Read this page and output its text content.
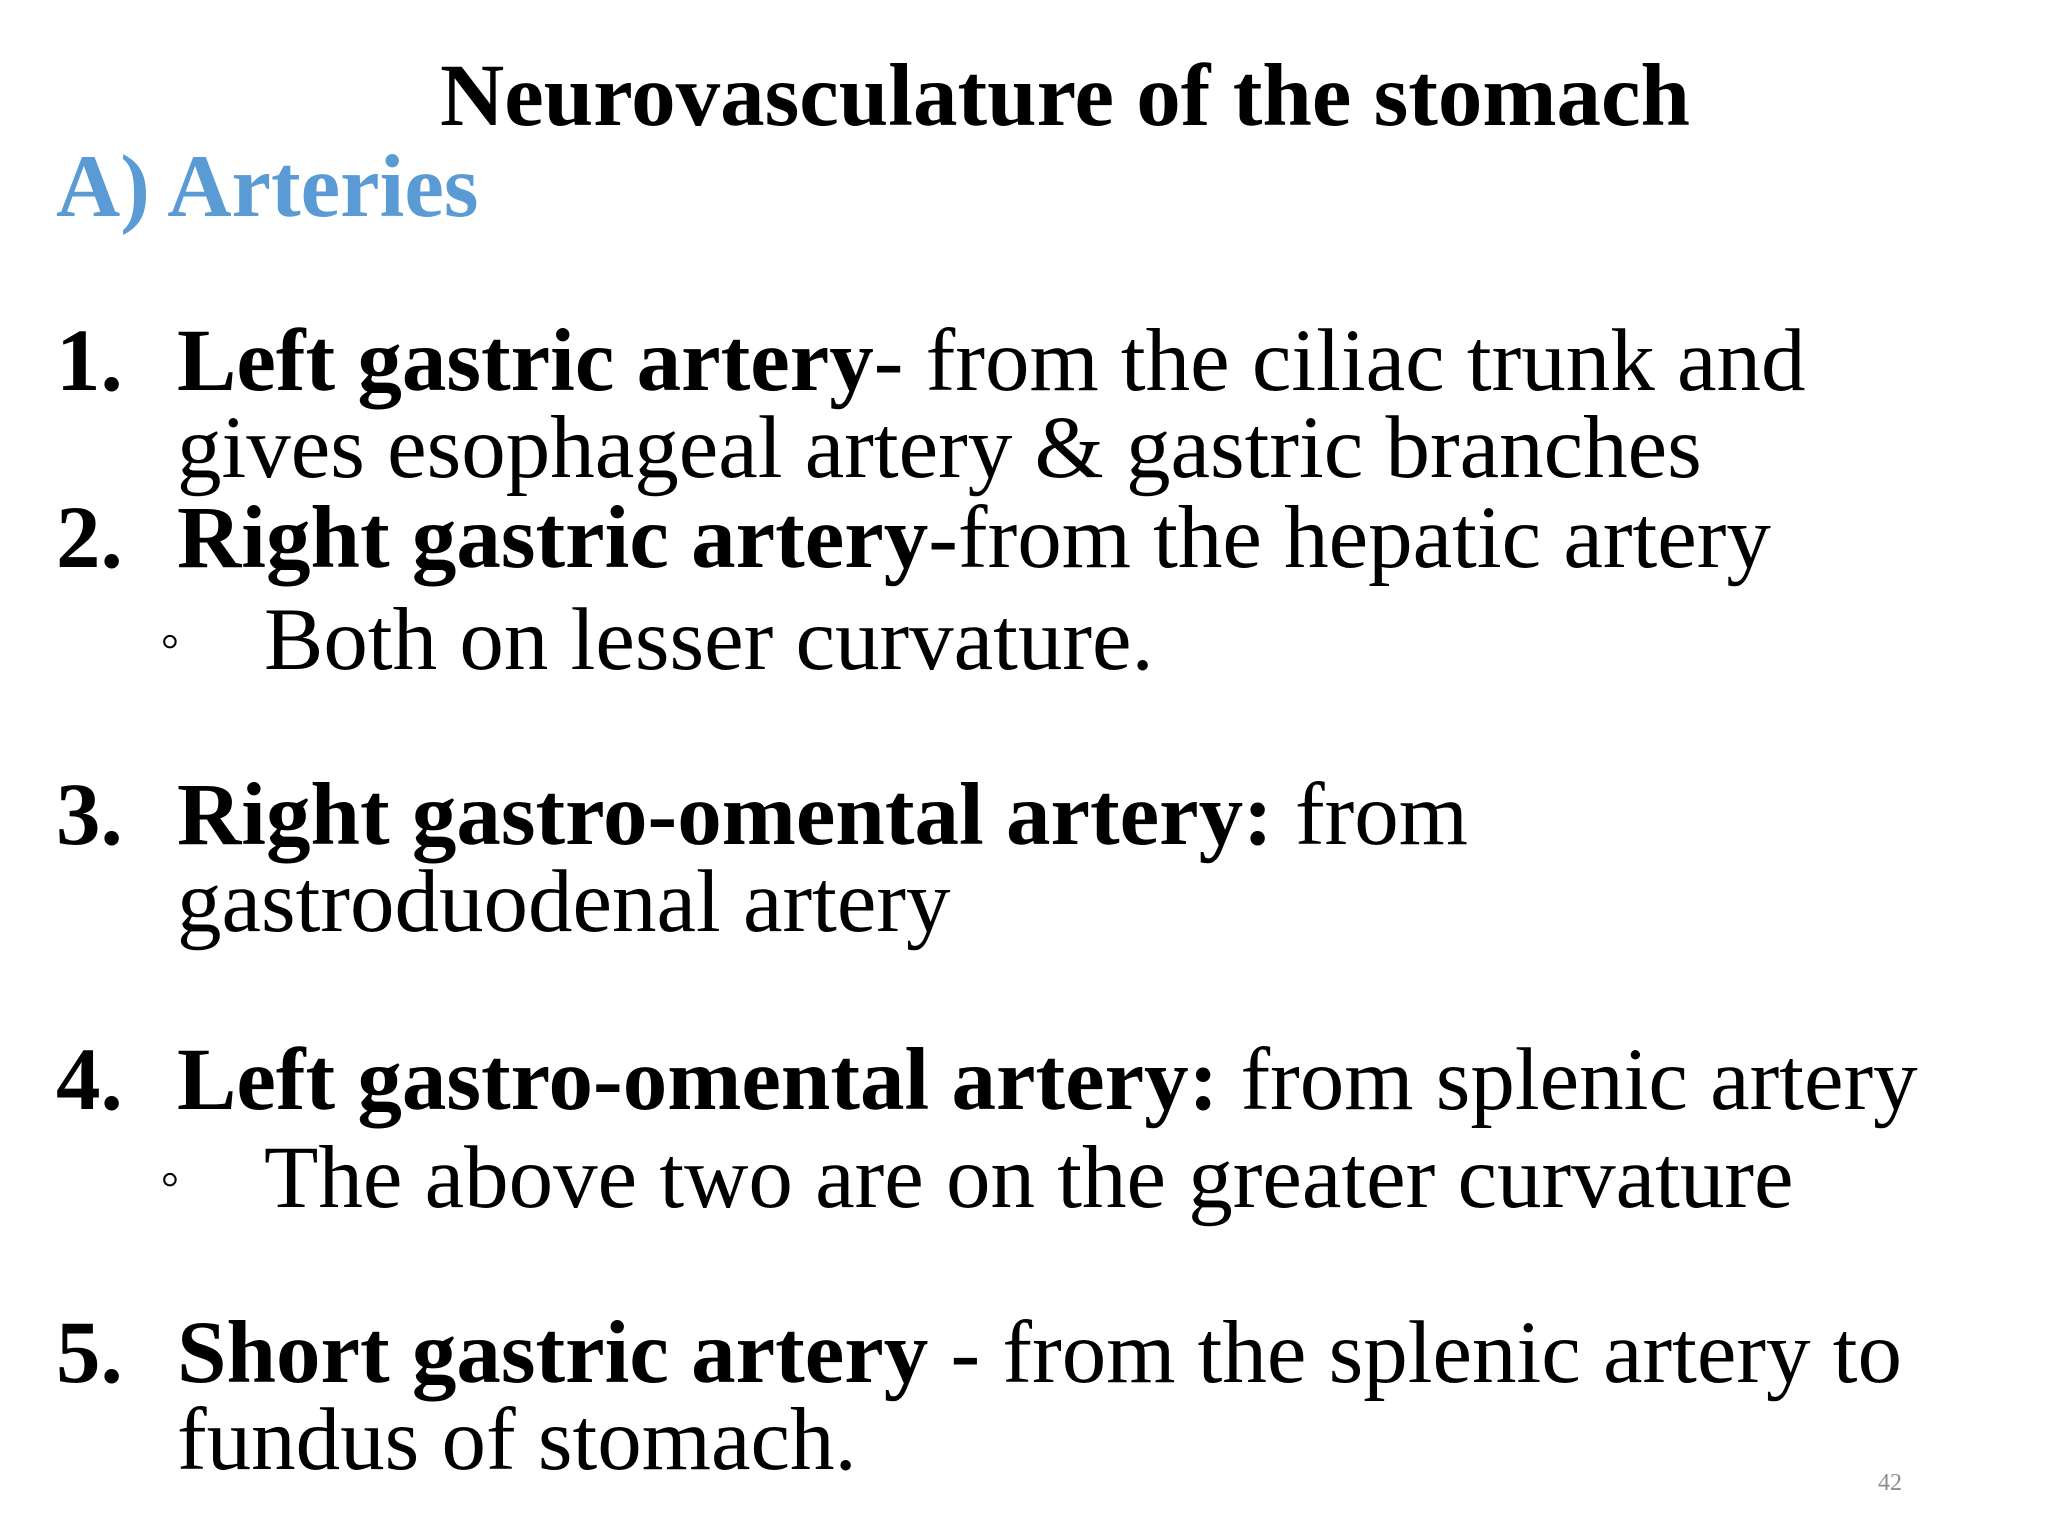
Neurovasculature of the stomach
A) Arteries
1. Left gastric artery- from the ciliac trunk and
gives esophageal artery & gastric branches
2. Right gastric artery-from the hepatic artery
◦ Both on lesser curvature.
3. Right gastro-omental artery: from
gastroduodenal artery
4. Left gastro-omental artery: from splenic artery
◦ The above two are on the greater curvature
5. Short gastric artery - from the splenic artery to
fundus of stomach.	42
